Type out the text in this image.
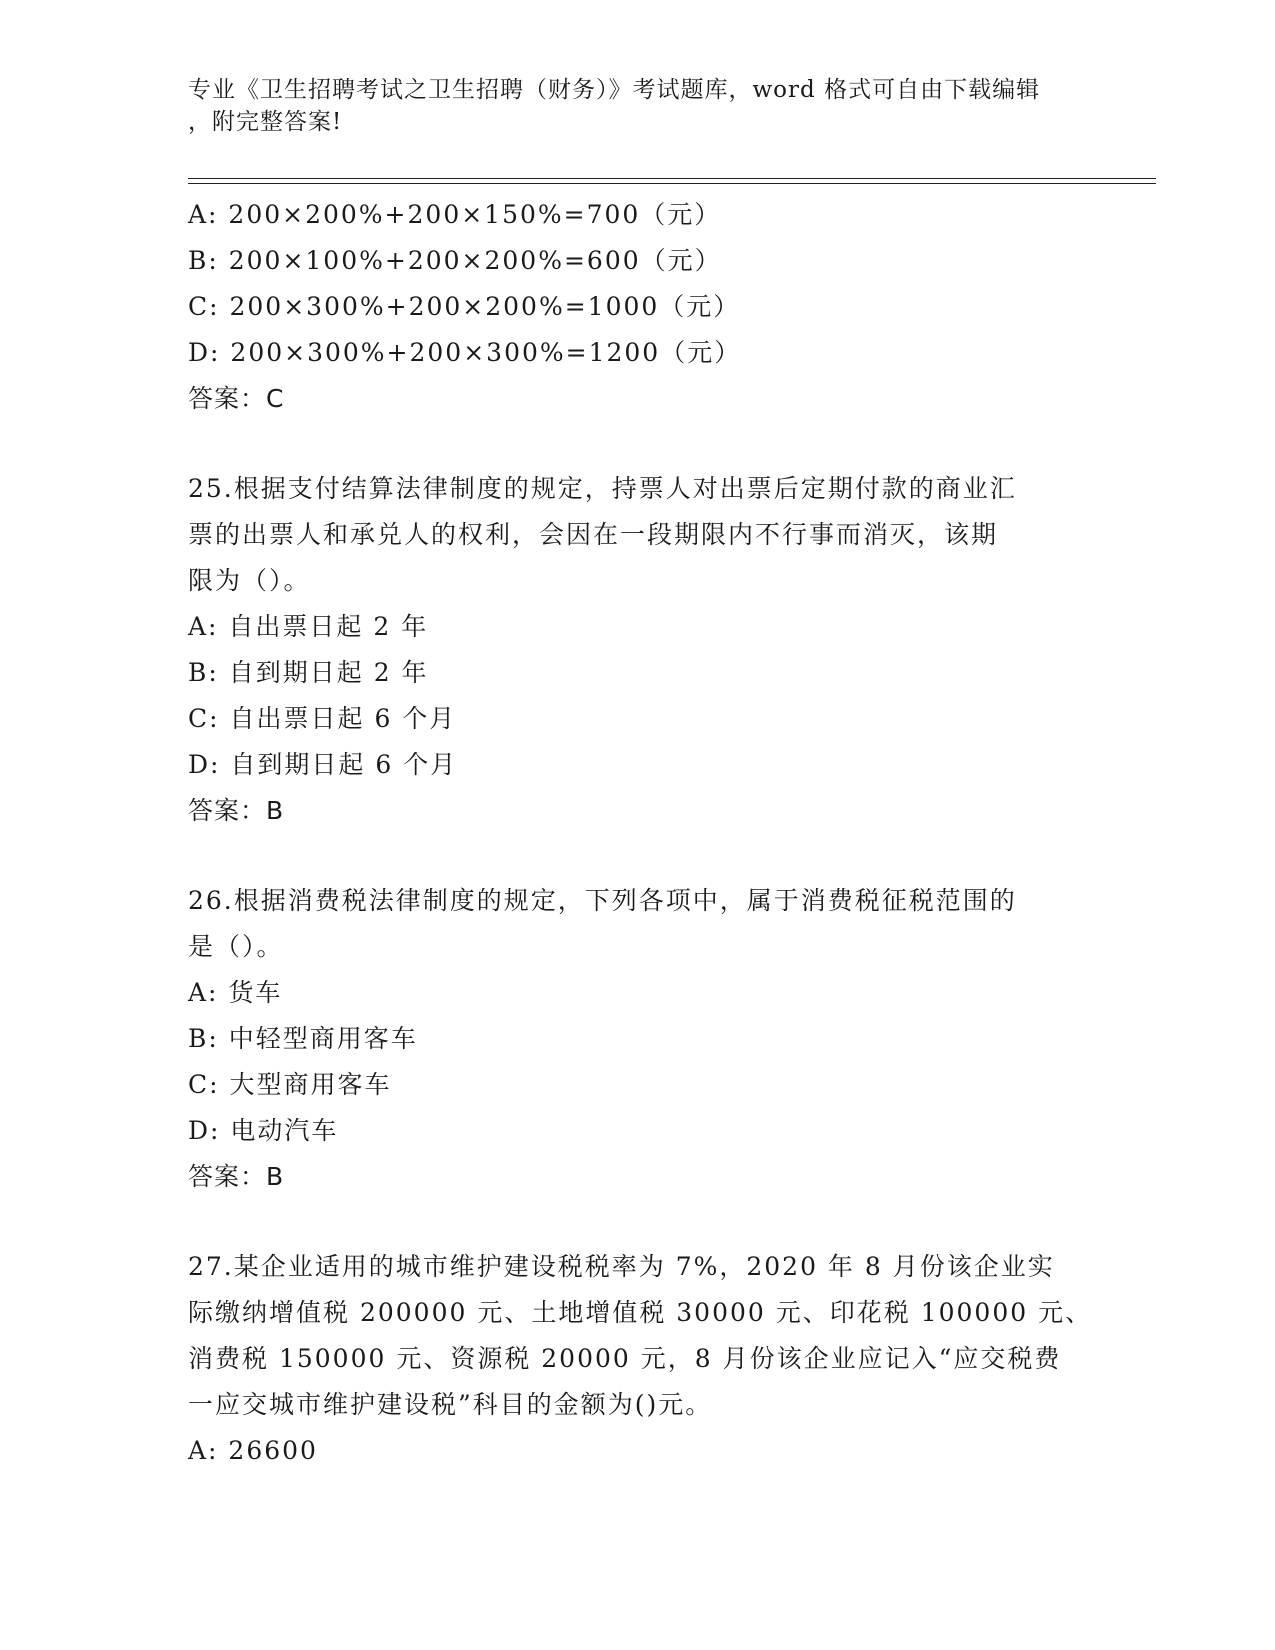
专业《卫生招聘考试之卫生招聘（财务）》考试题库，word 格式可自由下载编辑
，附完整答案!
A: 200×200%+200×150%=700（元）
B: 200×100%+200×200%=600（元）
C: 200×300%+200×200%=1000（元）
D: 200×300%+200×300%=1200（元）
答案：C
25.根据支付结算法律制度的规定，持票人对出票后定期付款的商业汇
票的出票人和承兑人的权利，会因在一段期限内不行事而消灭，该期
限为（）。
A: 自出票日起 2 年
B: 自到期日起 2 年
C: 自出票日起 6 个月
D: 自到期日起 6 个月
答案：B
26.根据消费税法律制度的规定，下列各项中，属于消费税征税范围的
是（）。
A: 货车
B: 中轻型商用客车
C: 大型商用客车
D: 电动汽车
答案：B
27.某企业适用的城市维护建设税税率为 7%，2020 年 8 月份该企业实
际缴纳增值税 200000 元、土地增值税 30000 元、印花税 100000 元、
消费税 150000 元、资源税 20000 元，8 月份该企业应记入“应交税费
一应交城市维护建设税”科目的金额为()元。
A: 26600
